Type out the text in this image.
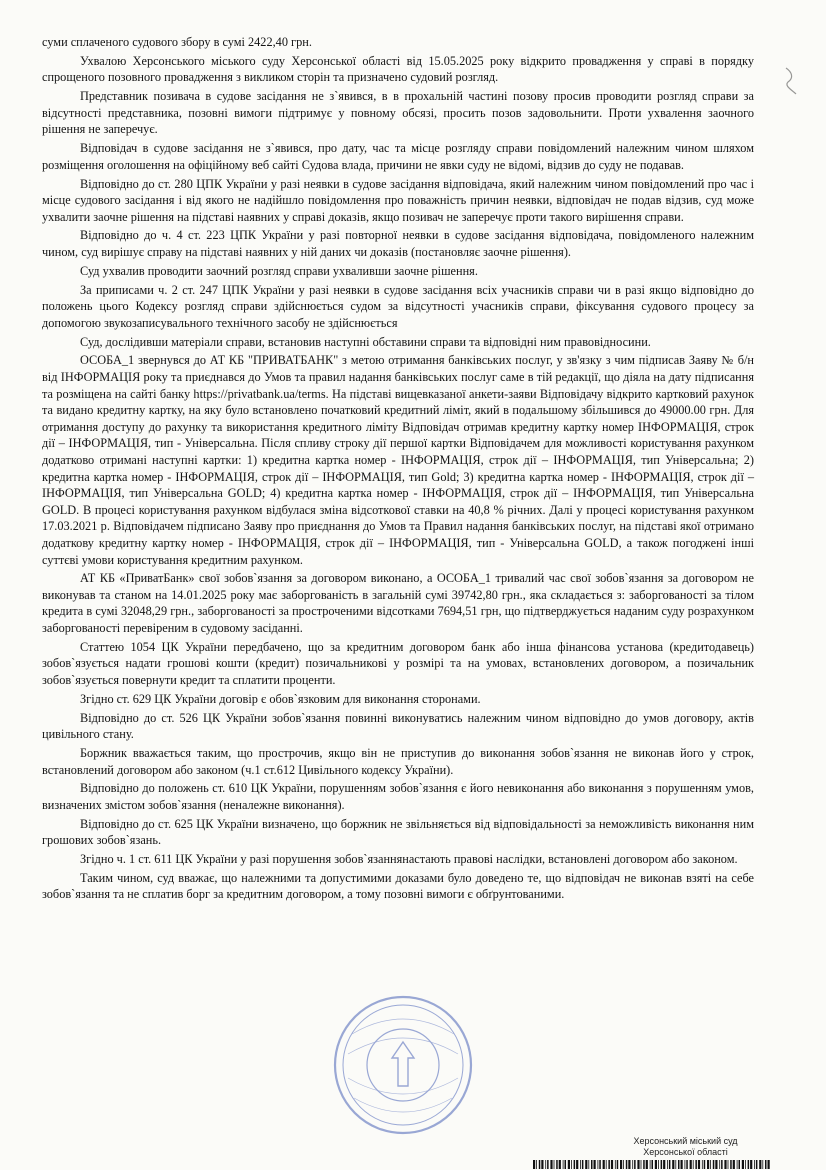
суми сплаченого судового збору в сумі 2422,40 грн.

Ухвалою Херсонського міського суду Херсонської області від 15.05.2025 року відкрито провадження у справі в порядку спрощеного позовного провадження з викликом сторін та призначено судовий розгляд.

Представник позивача в судове засідання не з`явився, в в прохальній частині позову просив проводити розгляд справи за відсутності представника, позовні вимоги підтримує у повному обсязі, просить позов задовольнити. Проти ухвалення заочного рішення не заперечує.

Відповідач в судове засідання не з`явився, про дату, час та місце розгляду справи повідомлений належним чином шляхом розміщення оголошення на офіційному веб сайті Судова влада, причини не явки суду не відомі, відзив до суду не подавав.

Відповідно до ст. 280 ЦПК України у разі неявки в судове засідання відповідача, який належним чином повідомлений про час і місце судового засідання і від якого не надійшло повідомлення про поважність причин неявки, відповідач не подав відзив, суд може ухвалити заочне рішення на підставі наявних у справі доказів, якщо позивач не заперечує проти такого вирішення справи.

Відповідно до ч. 4 ст. 223 ЦПК України у разі повторної неявки в судове засідання відповідача, повідомленого належним чином, суд вирішує справу на підставі наявних у ній даних чи доказів (постановляє заочне рішення).

Суд ухвалив проводити заочний розгляд справи ухваливши заочне рішення.

За приписами ч. 2 ст. 247 ЦПК України у разі неявки в судове засідання всіх учасників справи чи в разі якщо відповідно до положень цього Кодексу розгляд справи здійснюється судом за відсутності учасників справи, фіксування судового процесу за допомогою звукозаписувального технічного засобу не здійснюється

Суд, дослідивши матеріали справи, встановив наступні обставини справи та відповідні ним правовідносини.

ОСОБА_1 звернувся до АТ КБ "ПРИВАТБАНК" з метою отримання банківських послуг, у зв'язку з чим підписав Заяву № б/н від ІНФОРМАЦІЯ року та приєднався до Умов та правил надання банківських послуг саме в тій редакції, що діяла на дату підписання та розміщена на сайті банку https://privatbank.ua/terms. На підставі вищевказаної анкети-заяви Відповідачу відкрито картковий рахунок та видано кредитну картку, на яку було встановлено початковий кредитний ліміт, який в подальшому збільшився до 49000.00 грн. Для отримання доступу до рахунку та використання кредитного ліміту Відповідач отримав кредитну картку номер ІНФОРМАЦІЯ, строк дії – ІНФОРМАЦІЯ, тип - Універсальна. Після спливу строку дії першої картки Відповідачем для можливості користування рахунком додатково отримані наступні картки: 1) кредитна картка номер - ІНФОРМАЦІЯ, строк дії – ІНФОРМАЦІЯ, тип Універсальна; 2) кредитна картка номер - ІНФОРМАЦІЯ, строк дії – ІНФОРМАЦІЯ, тип Gold; 3) кредитна картка номер - ІНФОРМАЦІЯ, строк дії – ІНФОРМАЦІЯ, тип Універсальна GOLD; 4) кредитна картка номер - ІНФОРМАЦІЯ, строк дії – ІНФОРМАЦІЯ, тип Універсальна GOLD. В процесі користування рахунком відбулася зміна відсоткової ставки на 40,8 % річних. Далі у процесі користування рахунком 17.03.2021 р. Відповідачем підписано Заяву про приєднання до Умов та Правил надання банківських послуг, на підставі якої отримано додаткову кредитну картку номер - ІНФОРМАЦІЯ, строк дії – ІНФОРМАЦІЯ, тип - Універсальна GOLD, а також погоджені інші суттєві умови користування кредитним рахунком.

АТ КБ «ПриватБанк» свої зобов`язання за договором виконано, а ОСОБА_1 тривалий час свої зобов`язання за договором не виконував та станом на 14.01.2025 року має заборгованість в загальній сумі 39742,80 грн., яка складається з: заборгованості за тілом кредита в сумі 32048,29 грн., заборгованості за простроченими відсотками 7694,51 грн, що підтверджується наданим суду розрахунком заборгованості перевіреним в судовому засіданні.

Статтею 1054 ЦК України передбачено, що за кредитним договором банк або інша фінансова установа (кредитодавець) зобов`язується надати грошові кошти (кредит) позичальникові у розмірі та на умовах, встановлених договором, а позичальник зобов`язується повернути кредит та сплатити проценти.

Згідно ст. 629 ЦК України договір є обов`язковим для виконання сторонами.

Відповідно до ст. 526 ЦК України зобов`язання повинні виконуватись належним чином відповідно до умов договору, актів цивільного стану.

Боржник вважається таким, що прострочив, якщо він не приступив до виконання зобов`язання не виконав його у строк, встановлений договором або законом (ч.1 ст.612 Цивільного кодексу України).

Відповідно до положень ст. 610 ЦК України, порушенням зобов`язання є його невиконання або виконання з порушенням умов, визначених змістом зобов`язання (неналежне виконання).

Відповідно до ст. 625 ЦК України визначено, що боржник не звільняється від відповідальності за неможливість виконання ним грошових зобов`язань.

Згідно ч. 1 ст. 611 ЦК України у разі порушення зобов`язаннянастають правові наслідки, встановлені договором або законом.

Таким чином, суд вважає, що належними та допустимими доказами було доведено те, що відповідач не виконав взяті на себе зобов`язання та не сплатив борг за кредитним договором, а тому позовні вимоги є обґрунтованими.

Херсонський міський суд
Херсонської області
